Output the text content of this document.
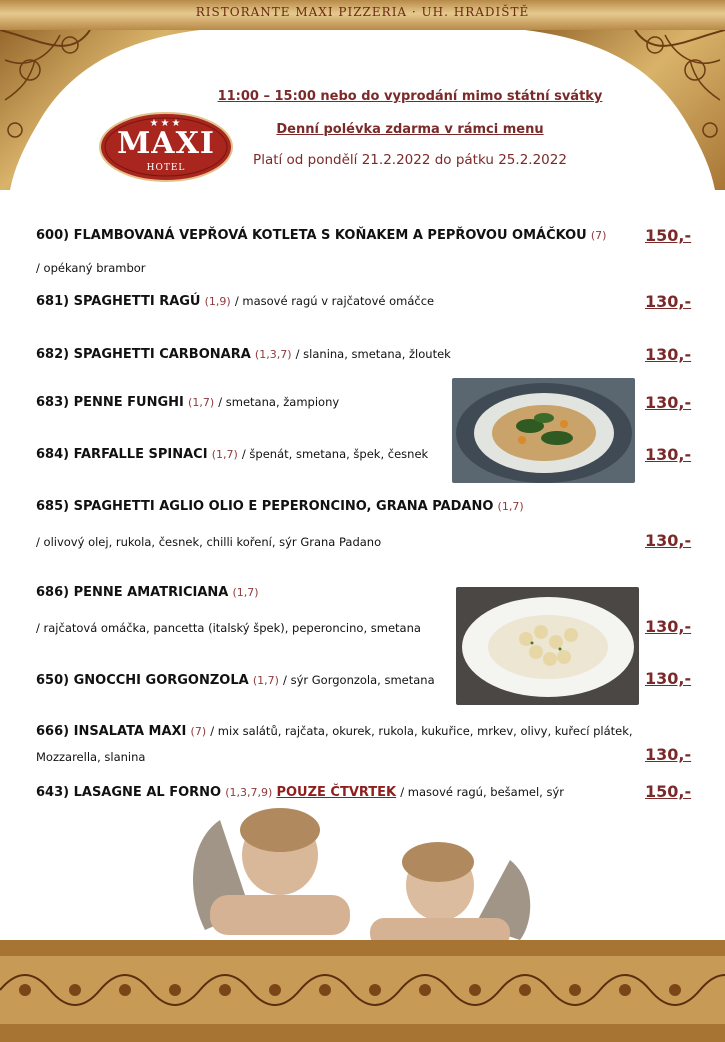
RISTORANTE MAXI PIZZERIA · UH. HRADIŠTĚ
★★★
MAXI
HOTEL
11:00 – 15:00 nebo do vyprodání mimo státní svátky
Denní polévka zdarma v rámci menu
Platí od pondělí 21.2.2022 do pátku 25.2.2022
600) FLAMBOVANÁ VEPŘOVÁ KOTLETA S KOŇAKEM A PEPŘOVOU OMÁČKOU (7) 150,-
/ opékaný brambor
681) SPAGHETTI RAGÚ (1,9) / masové ragú v rajčatové omáčce	130,-
682) SPAGHETTI CARBONARA (1,3,7) / slanina, smetana, žloutek	130,-
683) PENNE FUNGHI (1,7) / smetana, žampiony	130,-
684) FARFALLE SPINACI (1,7) / špenát, smetana, špek, česnek	130,-
685) SPAGHETTI AGLIO OLIO E PEPERONCINO, GRANA PADANO (1,7)
/ olivový olej, rukola, česnek, chilli koření, sýr Grana Padano	130,-
686) PENNE AMATRICIANA (1,7)
/ rajčatová omáčka, pancetta (italský špek), peperoncino, smetana	130,-
650) GNOCCHI GORGONZOLA (1,7) / sýr Gorgonzola, smetana	130,-
666) INSALATA MAXI (7) / mix salátů, rajčata, okurek, rukola, kukuřice, mrkev, olivy, kuřecí plátek,
Mozzarella, slanina	130,-
643) LASAGNE AL FORNO (1,3,7,9) POUZE ČTVRTEK / masové ragú, bešamel, sýr	150,-
